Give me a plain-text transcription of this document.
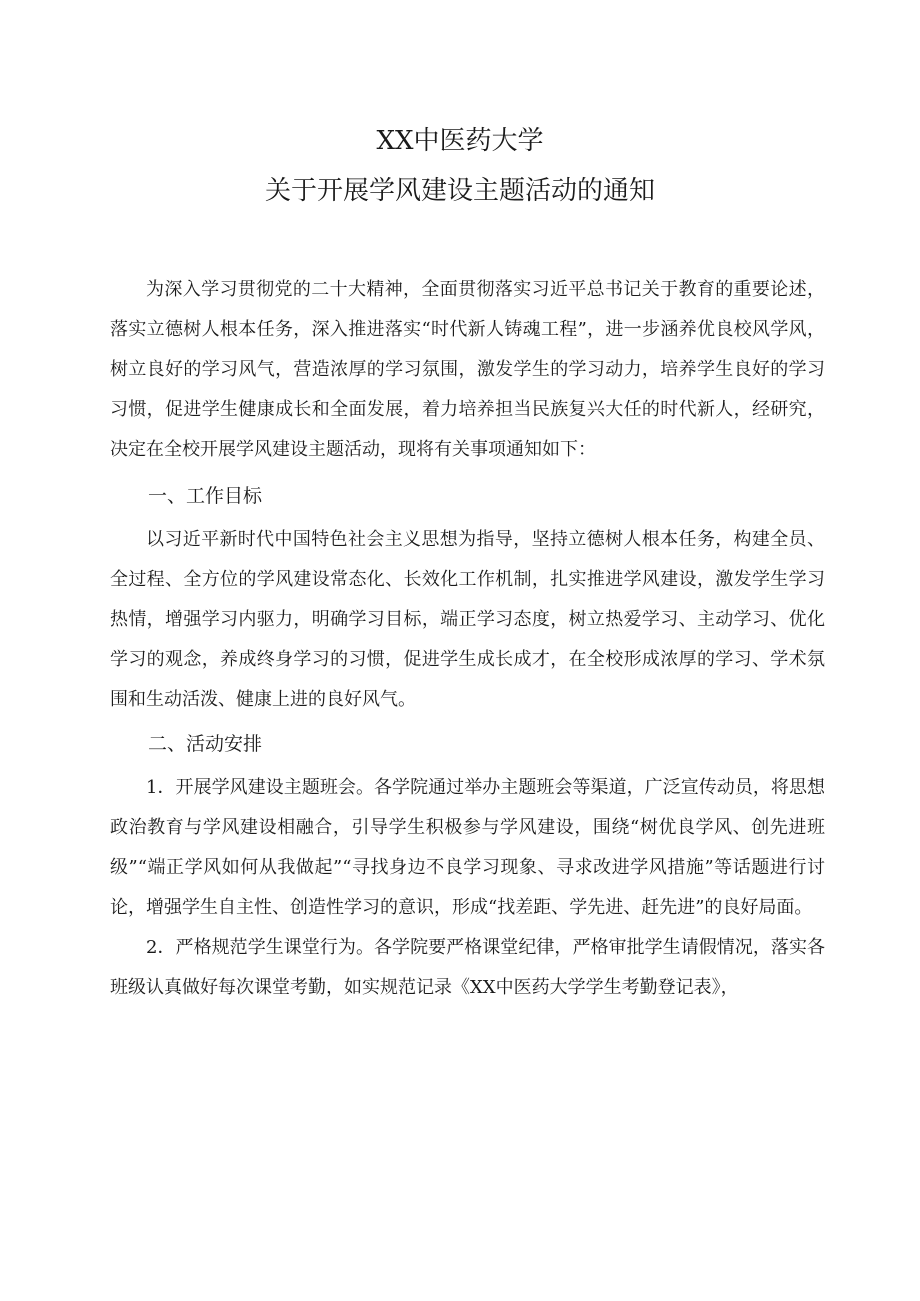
XX中医药大学
关于开展学风建设主题活动的通知

为深入学习贯彻党的二十大精神，全面贯彻落实习近平总书记关于教育的重要论述，落实立德树人根本任务，深入推进落实“时代新人铸魂工程”，进一步涵养优良校风学风，树立良好的学习风气，营造浓厚的学习氛围，激发学生的学习动力，培养学生良好的学习习惯，促进学生健康成长和全面发展，着力培养担当民族复兴大任的时代新人，经研究，决定在全校开展学风建设主题活动，现将有关事项通知如下：

一、工作目标

以习近平新时代中国特色社会主义思想为指导，坚持立德树人根本任务，构建全员、全过程、全方位的学风建设常态化、长效化工作机制，扎实推进学风建设，激发学生学习热情，增强学习内驱力，明确学习目标，端正学习态度，树立热爱学习、主动学习、优化学习的观念，养成终身学习的习惯，促进学生成长成才，在全校形成浓厚的学习、学术氛围和生动活泼、健康上进的良好风气。

二、活动安排

1．开展学风建设主题班会。各学院通过举办主题班会等渠道，广泛宣传动员，将思想政治教育与学风建设相融合，引导学生积极参与学风建设，围绕“树优良学风、创先进班级”“端正学风如何从我做起”“寻找身边不良学习现象、寻求改进学风措施”等话题进行讨论，增强学生自主性、创造性学习的意识，形成“找差距、学先进、赶先进”的良好局面。

2．严格规范学生课堂行为。各学院要严格课堂纪律，严格审批学生请假情况，落实各班级认真做好每次课堂考勤，如实规范记录《XX中医药大学学生考勤登记表》，
